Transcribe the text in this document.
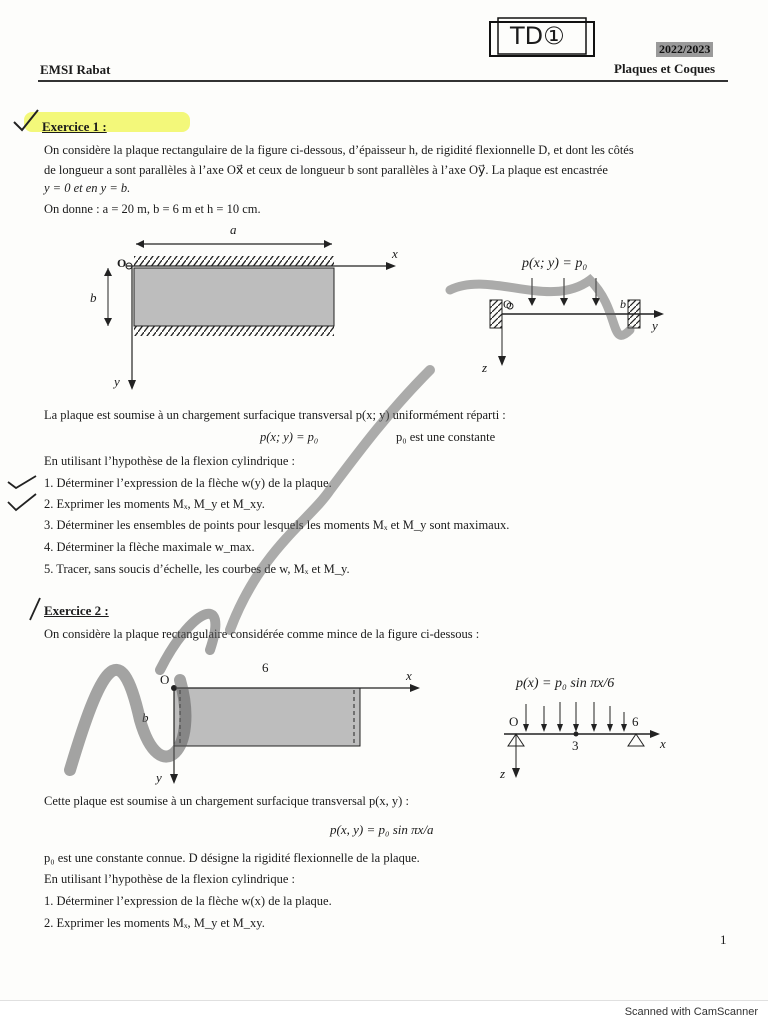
TD①	2022/2023
EMSI Rabat	Plaques et Coques
Exercice 1 :

On considère la plaque rectangulaire de la figure ci-dessous, d’épaisseur h, de rigidité flexionnelle D, et dont les côtés

de longueur a sont parallèles à l’axe Ox⃗ et ceux de longueur b sont parallèles à l’axe Oy⃗. La plaque est encastrée

y = 0 et en y = b.

On donne : a = 20 m, b = 6 m et h = 10 cm.

a
O
x⃗
b
y⃗
p(x; y) = p₀
O	b
y⃗
z⃗

La plaque est soumise à un chargement surfacique transversal p(x; y) uniformément réparti :

p(x; y) = p₀	p₀ est une constante

En utilisant l’hypothèse de la flexion cylindrique :

1. Déterminer l’expression de la flèche w(y) de la plaque.

2. Exprimer les moments Mₓ, M_y et M_xy.

3. Déterminer les ensembles de points pour lesquels les moments Mₓ et M_y sont maximaux.

4. Déterminer la flèche maximale w_max.

5. Tracer, sans soucis d’échelle, les courbes de w, Mₓ et M_y.

Exercice 2 :

On considère la plaque rectangulaire considérée comme mince de la figure ci-dessous :

O
6
x
b
y
p(x) = p₀ sin πx/6
O
3
6
x
z

Cette plaque est soumise à un chargement surfacique transversal p(x, y) :

p(x, y) = p₀ sin πx/a

p₀ est une constante connue. D désigne la rigidité flexionnelle de la plaque.

En utilisant l’hypothèse de la flexion cylindrique :

1. Déterminer l’expression de la flèche w(x) de la plaque.

2. Exprimer les moments Mₓ, M_y et M_xy.

1
Scanned with CamScanner
